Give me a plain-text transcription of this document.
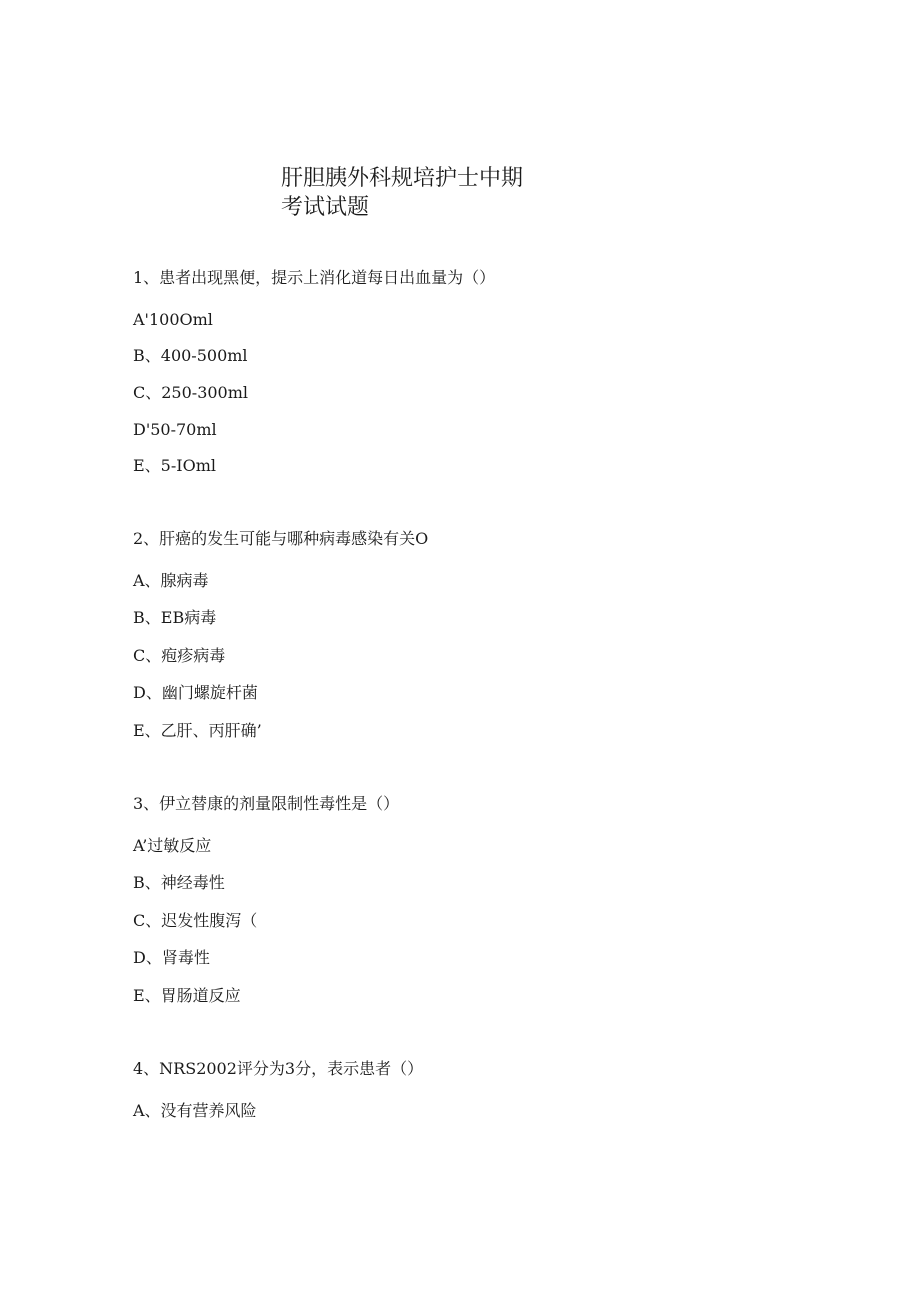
肝胆胰外科规培护士中期
考试试题
1、患者出现黑便，提示上消化道每日出血量为（）
A'100Oml
B、400-500ml
C、250-300ml
D'50-70ml
E、5-IOml
2、肝癌的发生可能与哪种病毒感染有关O
A、腺病毒
B、EB病毒
C、疱疹病毒
D、幽门螺旋杆菌
E、乙肝、丙肝确’
3、伊立替康的剂量限制性毒性是（）
A’过敏反应
B、神经毒性
C、迟发性腹泻（
D、肾毒性
E、胃肠道反应
4、NRS2002评分为3分，表示患者（）
A、没有营养风险
